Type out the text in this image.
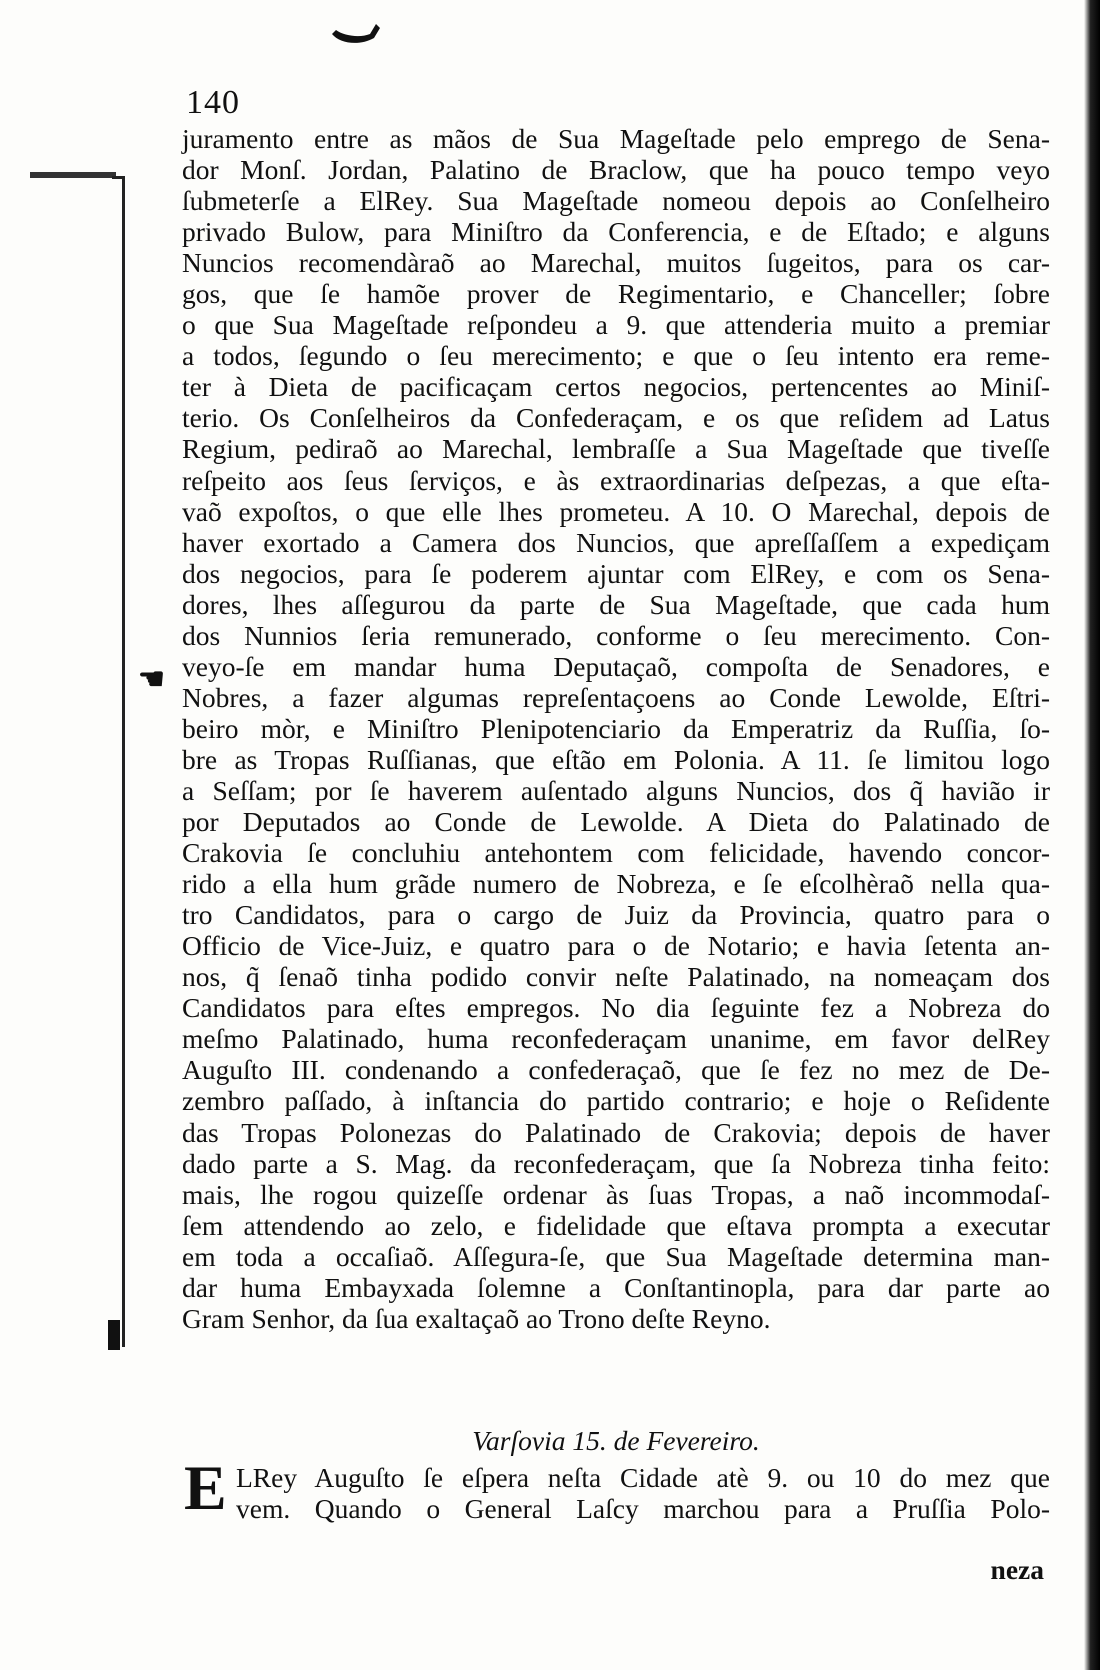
140
☚
juramento entre as mãos de Sua Mageſtade pelo emprego de Sena-
dor Monſ. Jordan, Palatino de Braclow, que ha pouco tempo veyo
ſubmeterſe a ElRey. Sua Mageſtade nomeou depois ao Conſelheiro
privado Bulow, para Miniſtro da Conferencia, e de Eſtado; e alguns
Nuncios recomendàraõ ao Marechal, muitos ſugeitos, para os car-
gos, que ſe hamõe prover de Regimentario, e Chanceller; ſobre
o que Sua Mageſtade reſpondeu a 9. que attenderia muito a premiar
a todos, ſegundo o ſeu merecimento; e que o ſeu intento era reme-
ter à Dieta de pacificaçam certos negocios, pertencentes ao Miniſ-
terio. Os Conſelheiros da Confederaçam, e os que reſidem ad Latus
Regium, pediraõ ao Marechal, lembraſſe a Sua Mageſtade que tiveſſe
reſpeito aos ſeus ſerviços, e às extraordinarias deſpezas, a que eſta-
vaõ expoſtos, o que elle lhes prometeu. A 10. O Marechal, depois de
haver exortado a Camera dos Nuncios, que apreſſaſſem a expediçam
dos negocios, para ſe poderem ajuntar com ElRey, e com os Sena-
dores, lhes aſſegurou da parte de Sua Mageſtade, que cada hum
dos Nunnios ſeria remunerado, conforme o ſeu merecimento. Con-
veyo-ſe em mandar huma Deputaçaõ, compoſta de Senadores, e
Nobres, a fazer algumas repreſentaçoens ao Conde Lewolde, Eſtri-
beiro mòr, e Miniſtro Plenipotenciario da Emperatriz da Ruſſia, ſo-
bre as Tropas Ruſſianas, que eſtão em Polonia. A 11. ſe limitou logo
a Seſſam; por ſe haverem auſentado alguns Nuncios, dos q̃ havião ir
por Deputados ao Conde de Lewolde. A Dieta do Palatinado de
Crakovia ſe concluhiu antehontem com felicidade, havendo concor-
rido a ella hum grãde numero de Nobreza, e ſe eſcolhèraõ nella qua-
tro Candidatos, para o cargo de Juiz da Provincia, quatro para o
Officio de Vice-Juiz, e quatro para o de Notario; e havia ſetenta an-
nos, q̃ ſenaõ tinha podido convir neſte Palatinado, na nomeaçam dos
Candidatos para eſtes empregos. No dia ſeguinte fez a Nobreza do
meſmo Palatinado, huma reconfederaçam unanime, em favor delRey
Auguſto III. condenando a confederaçaõ, que ſe fez no mez de De-
zembro paſſado, à inſtancia do partido contrario; e hoje o Reſidente
das Tropas Polonezas do Palatinado de Crakovia; depois de haver
dado parte a S. Mag. da reconfederaçam, que ſa Nobreza tinha feito:
mais, lhe rogou quizeſſe ordenar às ſuas Tropas, a naõ incommodaſ-
ſem attendendo ao zelo, e fidelidade que eſtava prompta a executar
em toda a occaſiaõ. Aſſegura-ſe, que Sua Mageſtade determina man-
dar huma Embayxada ſolemne a Conſtantinopla, para dar parte ao
Gram Senhor, da ſua exaltaçaõ ao Trono deſte Reyno.
Varſovia 15. de Fevereiro.
E LRey Auguſto ſe eſpera neſta Cidade atè 9. ou 10 do mez que
vem. Quando o General Laſcy marchou para a Pruſſia Polo-
neza
